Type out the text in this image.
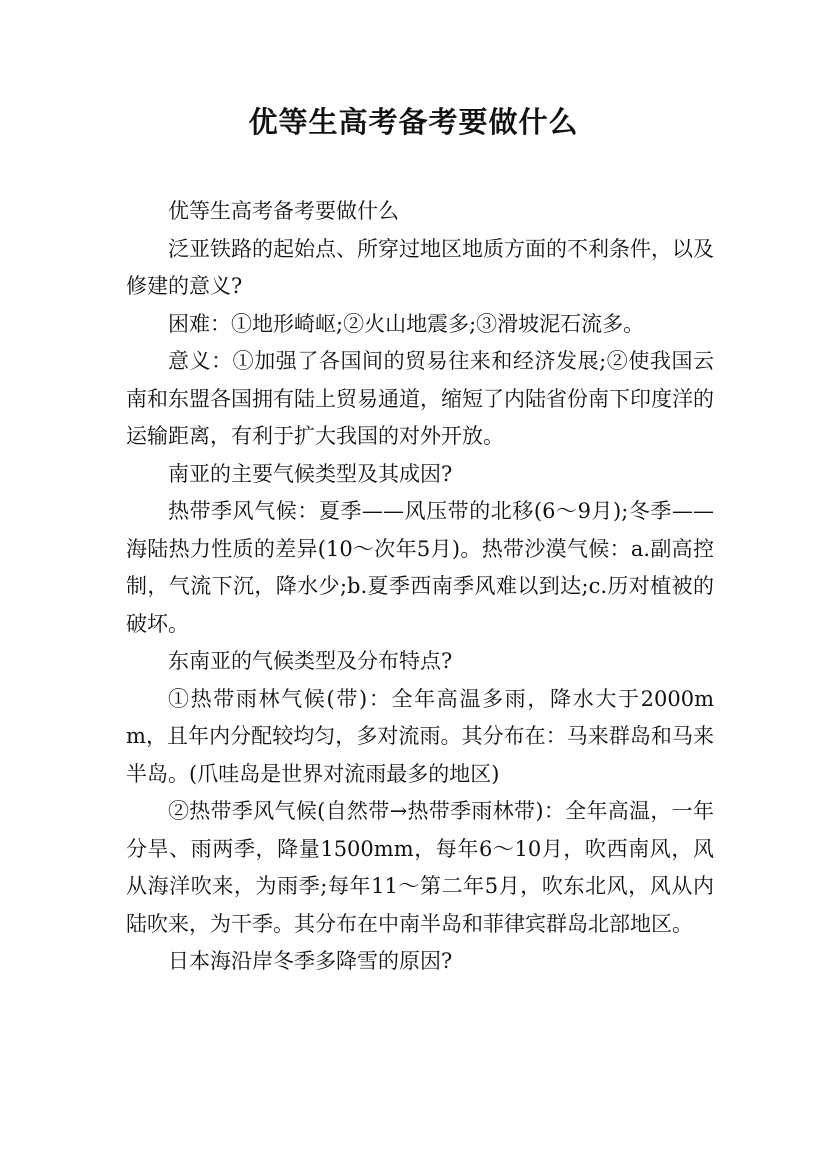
优等生高考备考要做什么

优等生高考备考要做什么

泛亚铁路的起始点、所穿过地区地质方面的不利条件，以及修建的意义?

困难：①地形崎岖;②火山地震多;③滑坡泥石流多。

意义：①加强了各国间的贸易往来和经济发展;②使我国云南和东盟各国拥有陆上贸易通道，缩短了内陆省份南下印度洋的运输距离，有利于扩大我国的对外开放。

南亚的主要气候类型及其成因?

热带季风气候：夏季——风压带的北移(6～9月);冬季——海陆热力性质的差异(10～次年5月)。热带沙漠气候：a.副高控制，气流下沉，降水少;b.夏季西南季风难以到达;c.历对植被的破坏。

东南亚的气候类型及分布特点?

①热带雨林气候(带)：全年高温多雨，降水大于2000mm，且年内分配较均匀，多对流雨。其分布在：马来群岛和马来半岛。(爪哇岛是世界对流雨最多的地区)

②热带季风气候(自然带→热带季雨林带)：全年高温，一年分旱、雨两季，降量1500mm，每年6～10月，吹西南风，风从海洋吹来，为雨季;每年11～第二年5月，吹东北风，风从内陆吹来，为干季。其分布在中南半岛和菲律宾群岛北部地区。

日本海沿岸冬季多降雪的原因?
